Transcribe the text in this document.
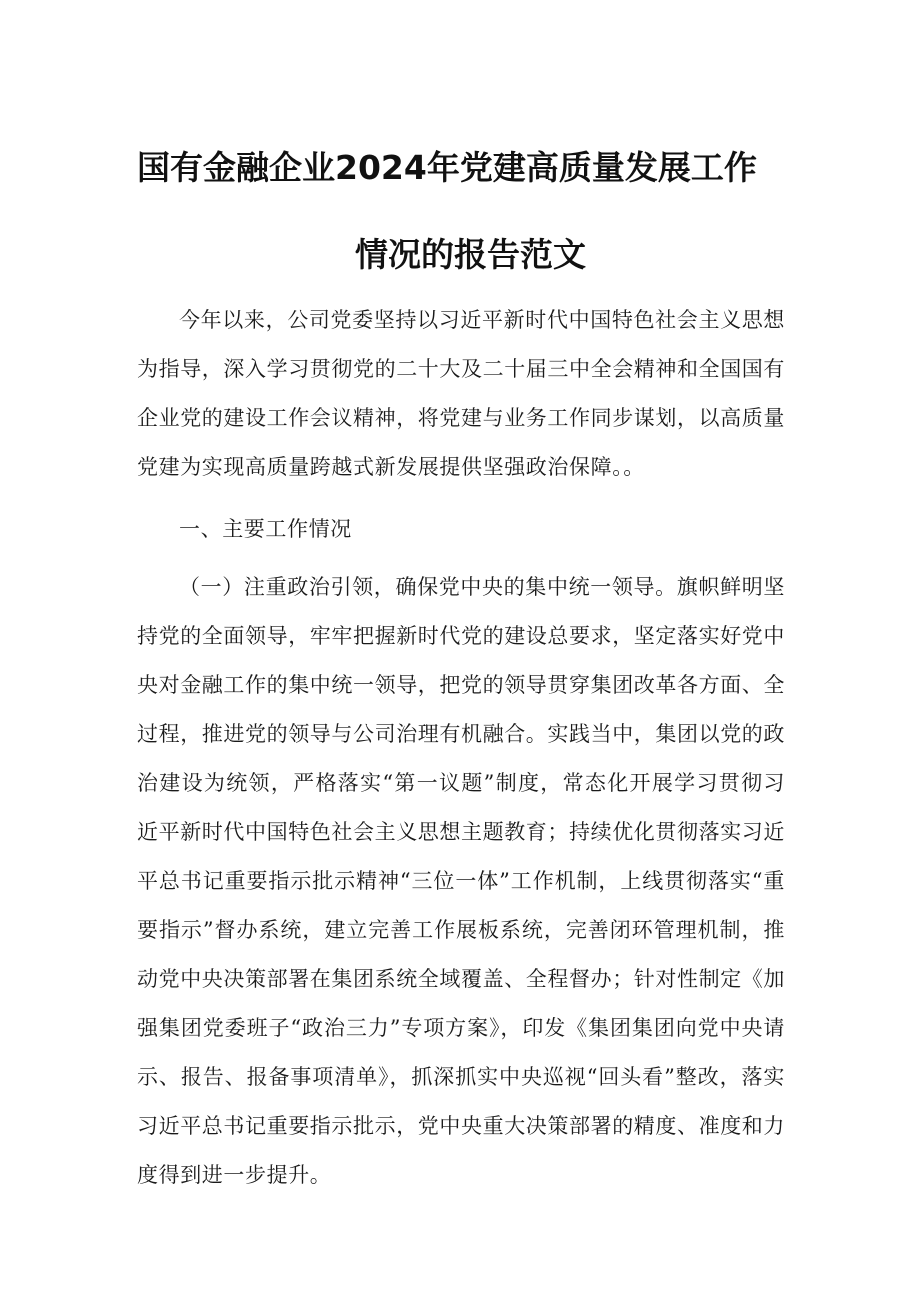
国有金融企业2024年党建高质量发展工作
情况的报告范文

今年以来，公司党委坚持以习近平新时代中国特色社会主义思想为指导，深入学习贯彻党的二十大及二十届三中全会精神和全国国有企业党的建设工作会议精神，将党建与业务工作同步谋划，以高质量党建为实现高质量跨越式新发展提供坚强政治保障。。

一、主要工作情况

（一）注重政治引领，确保党中央的集中统一领导。旗帜鲜明坚持党的全面领导，牢牢把握新时代党的建设总要求，坚定落实好党中央对金融工作的集中统一领导，把党的领导贯穿集团改革各方面、全过程，推进党的领导与公司治理有机融合。实践当中，集团以党的政治建设为统领，严格落实“第一议题”制度，常态化开展学习贯彻习近平新时代中国特色社会主义思想主题教育；持续优化贯彻落实习近平总书记重要指示批示精神“三位一体”工作机制，上线贯彻落实“重要指示”督办系统，建立完善工作展板系统，完善闭环管理机制，推动党中央决策部署在集团系统全域覆盖、全程督办；针对性制定《加强集团党委班子“政治三力”专项方案》，印发《集团集团向党中央请示、报告、报备事项清单》，抓深抓实中央巡视“回头看”整改，落实习近平总书记重要指示批示，党中央重大决策部署的精度、准度和力度得到进一步提升。
